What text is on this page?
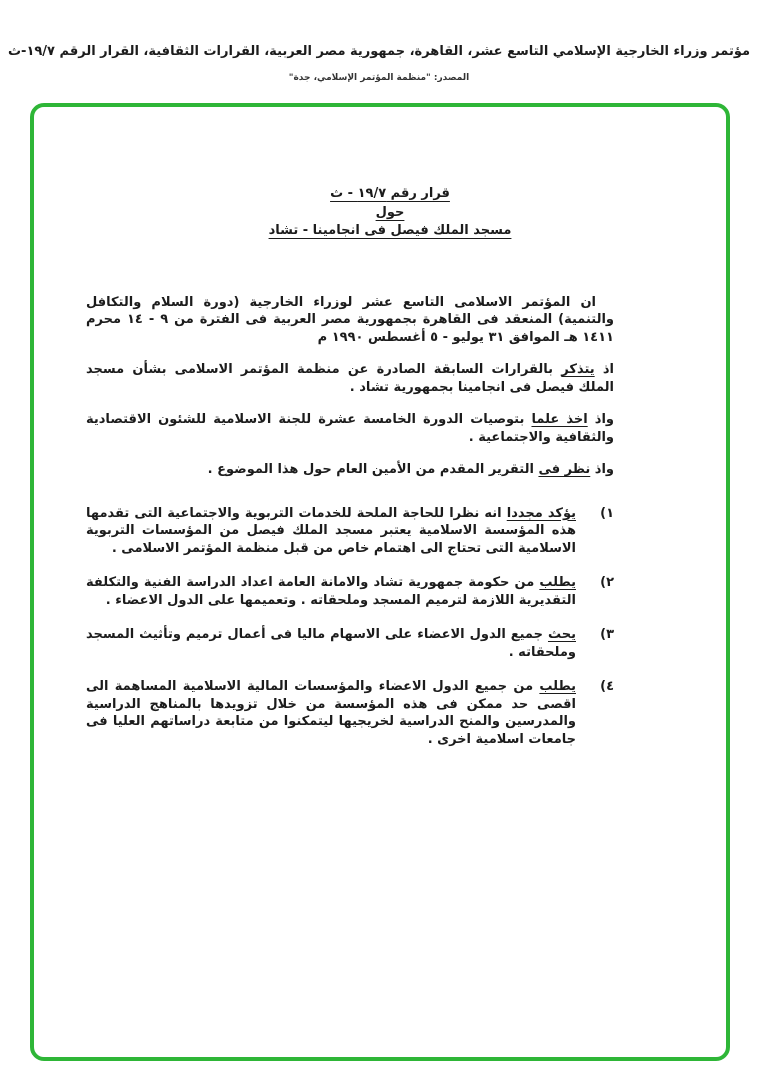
مؤتمر وزراء الخارجية الإسلامي التاسع عشر، القاهرة، جمهورية مصر العربية، القرارات الثقافية، القرار الرقم ١٩/٧-ث
المصدر: "منظمة المؤتمر الإسلامي، جدة"
قرار رقم ١٩/٧ - ث
حول
مسجد الملك فيصل فى انجامينا - تشاد

ان المؤتمر الاسلامى التاسع عشر لوزراء الخارجية (دورة السلام والتكافل والتنمية) المنعقد فى القاهرة بجمهورية مصر العربية فى الفترة من ٩ - ١٤ محرم ١٤١١ هـ الموافق ٣١ يوليو - ٥ أغسطس ١٩٩٠ م

اذ يتذكر بالقرارات السابقة الصادرة عن منظمة المؤتمر الاسلامى بشأن مسجد الملك فيصل فى انجامينا بجمهورية تشاد .

واذ اخذ علما بتوصيات الدورة الخامسة عشرة للجنة الاسلامية للشئون الاقتصادية والثقافية والاجتماعية .

واذ نظر فى التقرير المقدم من الأمين العام حول هذا الموضوع .

١)
يؤكد مجددا انه نظرا للحاجة الملحة للخدمات التربوية والاجتماعية التى تقدمها هذه المؤسسة الاسلامية يعتبر مسجد الملك فيصل من المؤسسات التربوية الاسلامية التى تحتاج الى اهتمام خاص من قبل منظمة المؤتمر الاسلامى .
٢)
يطلب من حكومة جمهورية تشاد والامانة العامة اعداد الدراسة الفنية والتكلفة التقديرية اللازمة لترميم المسجد وملحقاته . وتعميمها على الدول الاعضاء .
٣)
يحث جميع الدول الاعضاء على الاسهام ماليا فى أعمال ترميم وتأثيث المسجد وملحقاته .
٤)
يطلب من جميع الدول الاعضاء والمؤسسات المالية الاسلامية المساهمة الى اقصى حد ممكن فى هذه المؤسسة من خلال تزويدها بالمناهج الدراسية والمدرسين والمنح الدراسية لخريجيها ليتمكنوا من متابعة دراساتهم العليا فى جامعات اسلامية اخرى .
